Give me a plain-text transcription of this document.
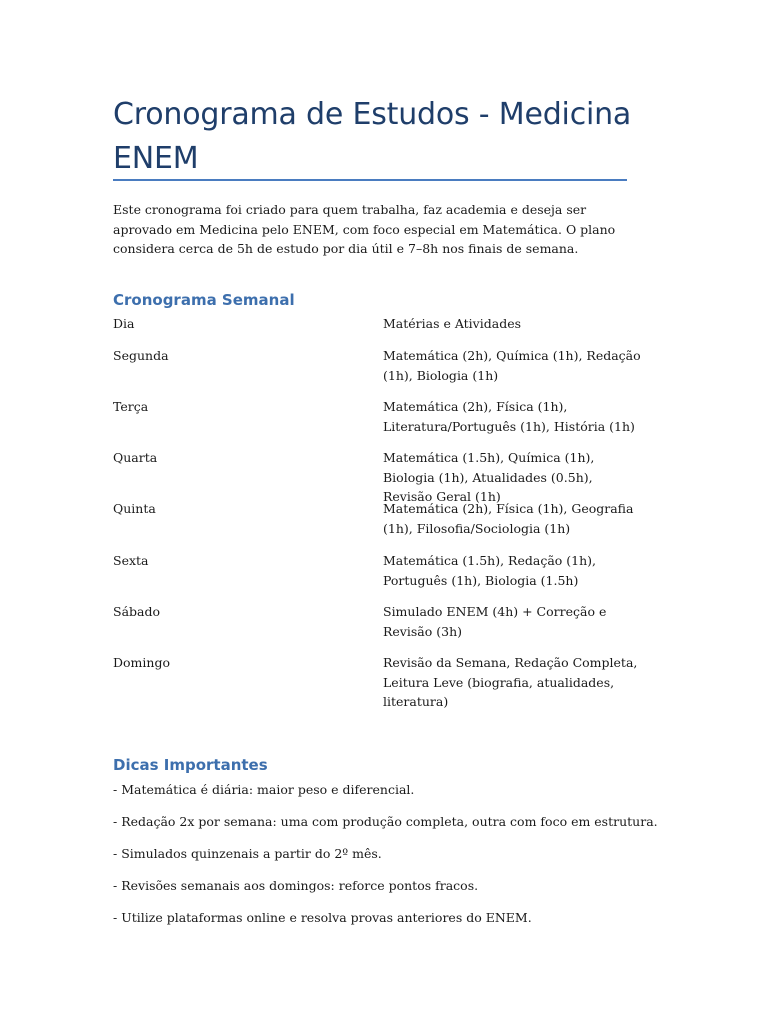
Cronograma de Estudos - Medicina ENEM

Este cronograma foi criado para quem trabalha, faz academia e deseja ser aprovado em Medicina pelo ENEM, com foco especial em Matemática. O plano considera cerca de 5h de estudo por dia útil e 7–8h nos finais de semana.

Cronograma Semanal
Dia	Matérias e Atividades
Segunda	Matemática (2h), Química (1h), Redação (1h), Biologia (1h)
Terça	Matemática (2h), Física (1h), Literatura/Português (1h), História (1h)
Quarta	Matemática (1.5h), Química (1h), Biologia (1h), Atualidades (0.5h), Revisão Geral (1h)
Quinta	Matemática (2h), Física (1h), Geografia (1h), Filosofia/Sociologia (1h)
Sexta	Matemática (1.5h), Redação (1h), Português (1h), Biologia (1.5h)
Sábado	Simulado ENEM (4h) + Correção e Revisão (3h)
Domingo	Revisão da Semana, Redação Completa, Leitura Leve (biografia, atualidades, literatura)
Dicas Importantes
- Matemática é diária: maior peso e diferencial.
- Redação 2x por semana: uma com produção completa, outra com foco em estrutura.
- Simulados quinzenais a partir do 2º mês.
- Revisões semanais aos domingos: reforce pontos fracos.
- Utilize plataformas online e resolva provas anteriores do ENEM.
